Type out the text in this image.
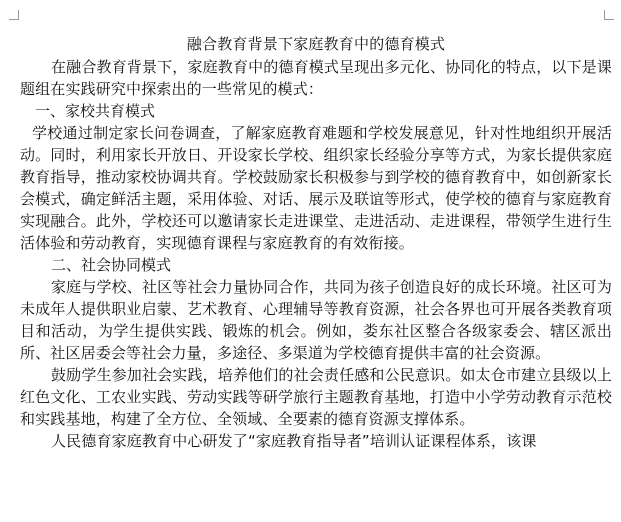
融合教育背景下家庭教育中的德育模式

在融合教育背景下，家庭教育中的德育模式呈现出多元化、协同化的特点，以下是课题组在实践研究中探索出的一些常见的模式：

一、家校共育模式

学校通过制定家长问卷调查，了解家庭教育难题和学校发展意见，针对性地组织开展活动。同时，利用家长开放日、开设家长学校、组织家长经验分享等方式，为家长提供家庭教育指导，推动家校协调共育。学校鼓励家长积极参与到学校的德育教育中，如创新家长会模式，确定鲜活主题，采用体验、对话、展示及联谊等形式，使学校的德育与家庭教育实现融合。此外，学校还可以邀请家长走进课堂、走进活动、走进课程，带领学生进行生活体验和劳动教育，实现德育课程与家庭教育的有效衔接。

二、社会协同模式

家庭与学校、社区等社会力量协同合作，共同为孩子创造良好的成长环境。社区可为未成年人提供职业启蒙、艺术教育、心理辅导等教育资源，社会各界也可开展各类教育项目和活动，为学生提供实践、锻炼的机会。例如，娄东社区整合各级家委会、辖区派出所、社区居委会等社会力量，多途径、多渠道为学校德育提供丰富的社会资源。

鼓励学生参加社会实践，培养他们的社会责任感和公民意识。如太仓市建立县级以上红色文化、工农业实践、劳动实践等研学旅行主题教育基地，打造中小学劳动教育示范校和实践基地，构建了全方位、全领域、全要素的德育资源支撑体系。

人民德育家庭教育中心研发了“家庭教育指导者”培训认证课程体系，该课
